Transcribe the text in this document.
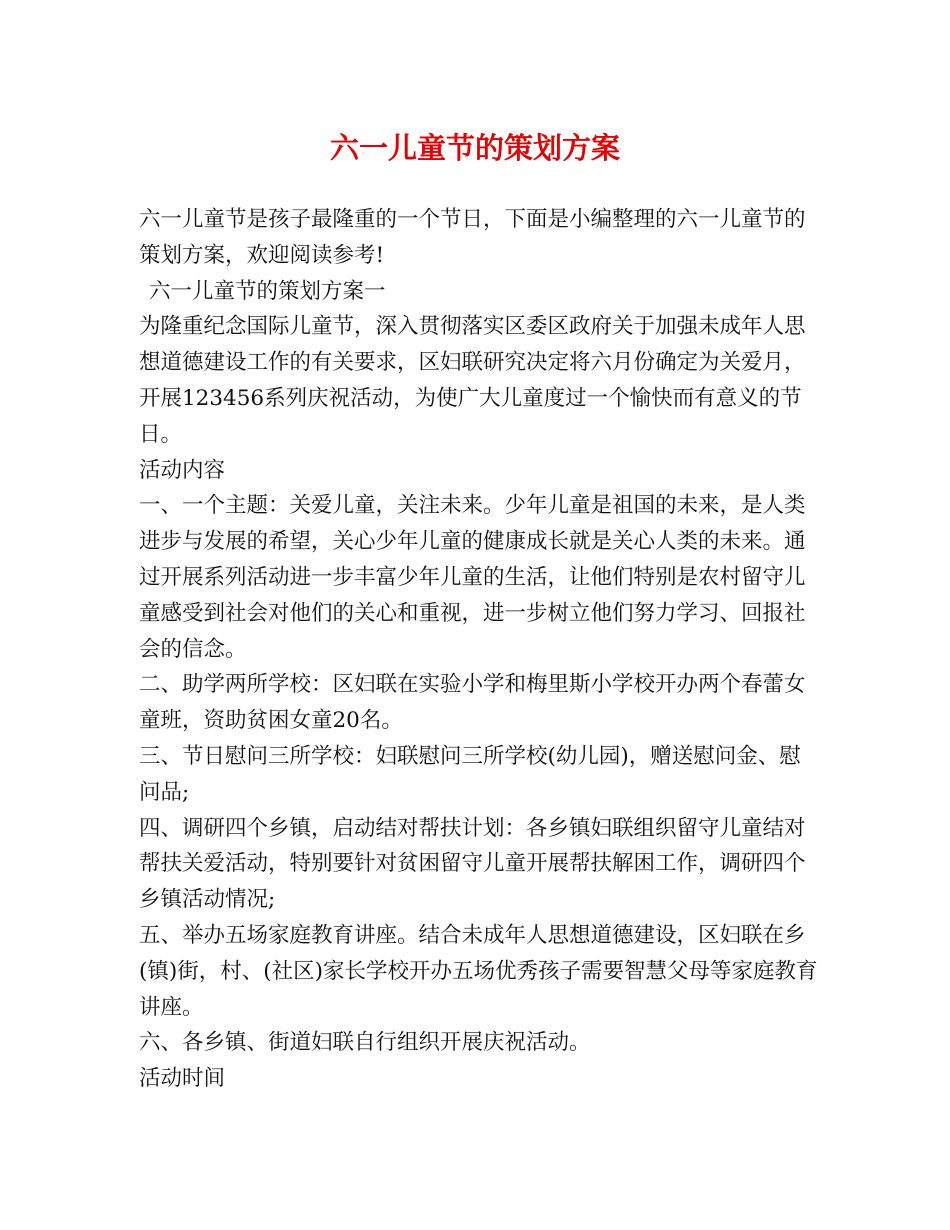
六一儿童节的策划方案

六一儿童节是孩子最隆重的一个节日，下面是小编整理的六一儿童节的策划方案，欢迎阅读参考!

六一儿童节的策划方案一

为隆重纪念国际儿童节，深入贯彻落实区委区政府关于加强未成年人思想道德建设工作的有关要求，区妇联研究决定将六月份确定为关爱月，开展123456系列庆祝活动，为使广大儿童度过一个愉快而有意义的节日。

活动内容

一、一个主题：关爱儿童，关注未来。少年儿童是祖国的未来，是人类进步与发展的希望，关心少年儿童的健康成长就是关心人类的未来。通过开展系列活动进一步丰富少年儿童的生活，让他们特别是农村留守儿童感受到社会对他们的关心和重视，进一步树立他们努力学习、回报社会的信念。

二、助学两所学校：区妇联在实验小学和梅里斯小学校开办两个春蕾女童班，资助贫困女童20名。

三、节日慰问三所学校：妇联慰问三所学校(幼儿园)，赠送慰问金、慰问品;

四、调研四个乡镇，启动结对帮扶计划：各乡镇妇联组织留守儿童结对帮扶关爱活动，特别要针对贫困留守儿童开展帮扶解困工作，调研四个乡镇活动情况;

五、举办五场家庭教育讲座。结合未成年人思想道德建设，区妇联在乡(镇)街，村、(社区)家长学校开办五场优秀孩子需要智慧父母等家庭教育讲座。

六、各乡镇、街道妇联自行组织开展庆祝活动。

活动时间
